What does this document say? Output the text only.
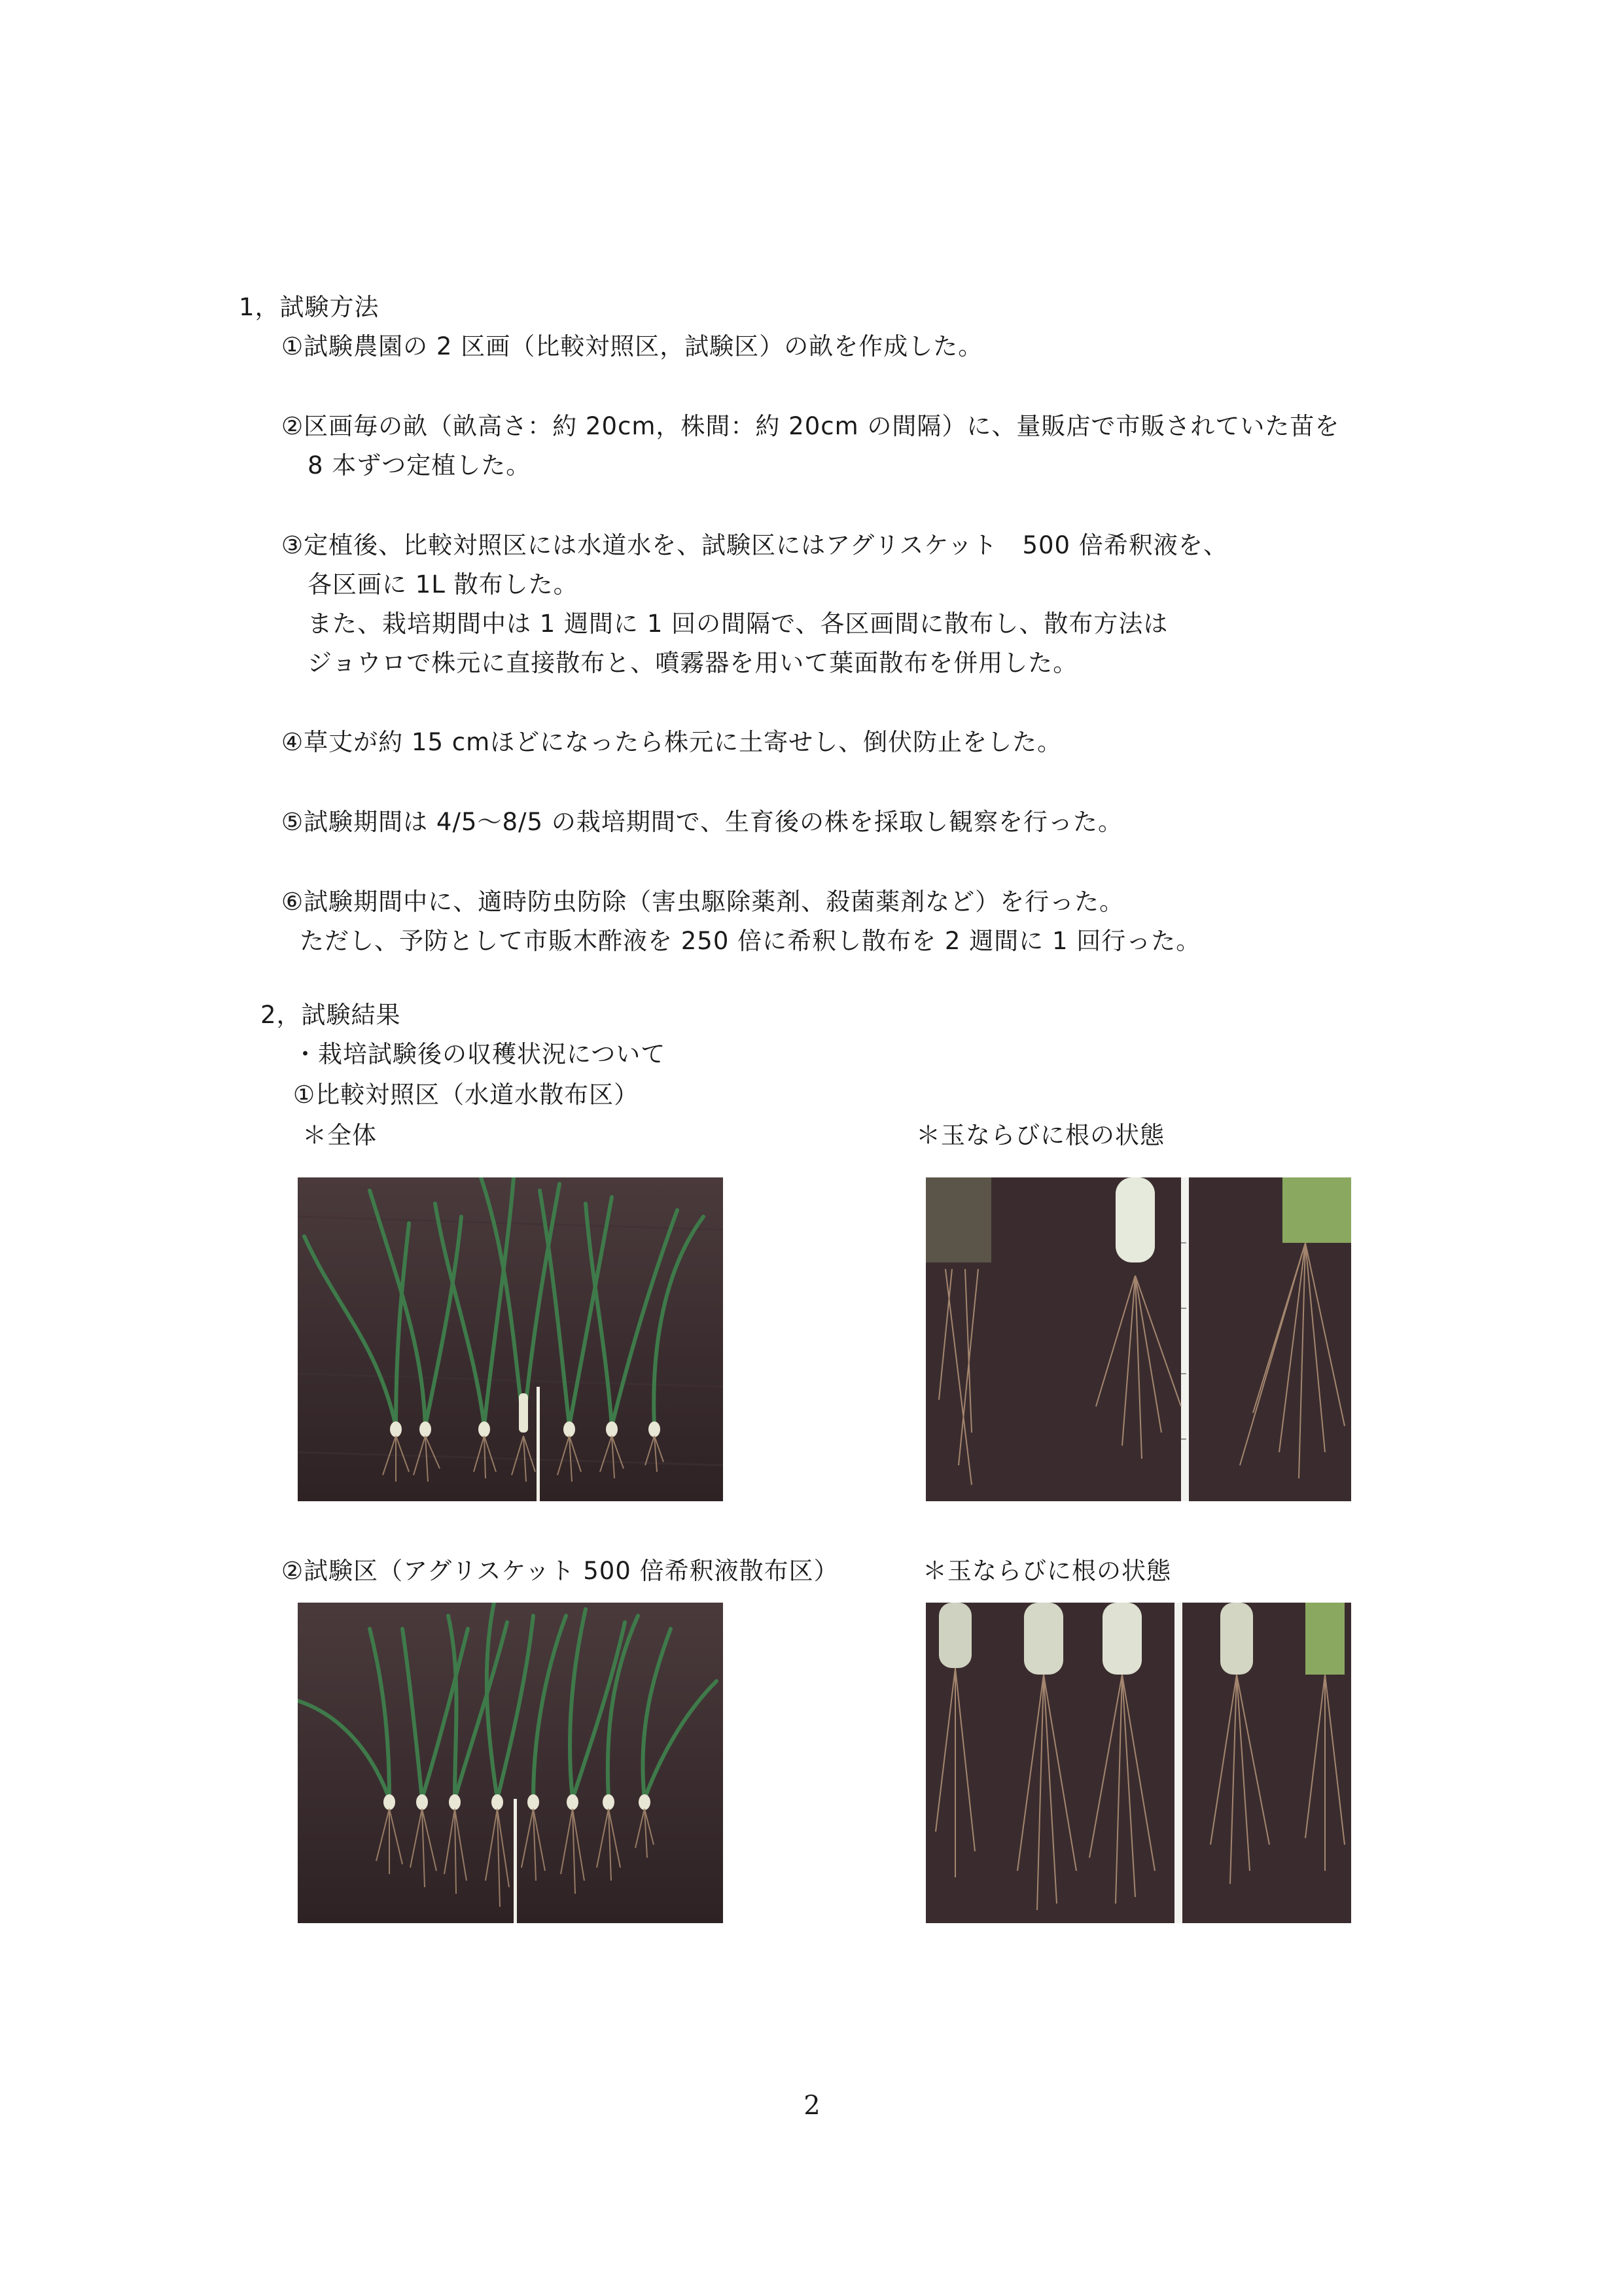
1，試験方法
①試験農園の 2 区画（比較対照区，試験区）の畝を作成した。
②区画毎の畝（畝高さ：約 20cm，株間：約 20cm の間隔）に、量販店で市販されていた苗を
8 本ずつ定植した。
③定植後、比較対照区には水道水を、試験区にはアグリスケット　500 倍希釈液を、
各区画に 1L 散布した。
また、栽培期間中は 1 週間に 1 回の間隔で、各区画間に散布し、散布方法は
ジョウロで株元に直接散布と、噴霧器を用いて葉面散布を併用した。
④草丈が約 15 cmほどになったら株元に土寄せし、倒伏防止をした。
⑤試験期間は 4/5～8/5 の栽培期間で、生育後の株を採取し観察を行った。
⑥試験期間中に、適時防虫防除（害虫駆除薬剤、殺菌薬剤など）を行った。
ただし、予防として市販木酢液を 250 倍に希釈し散布を 2 週間に 1 回行った。
2，試験結果
・栽培試験後の収穫状況について
①比較対照区（水道水散布区）
＊全体	＊玉ならびに根の状態
②試験区（アグリスケット 500 倍希釈液散布区）	＊玉ならびに根の状態
2
